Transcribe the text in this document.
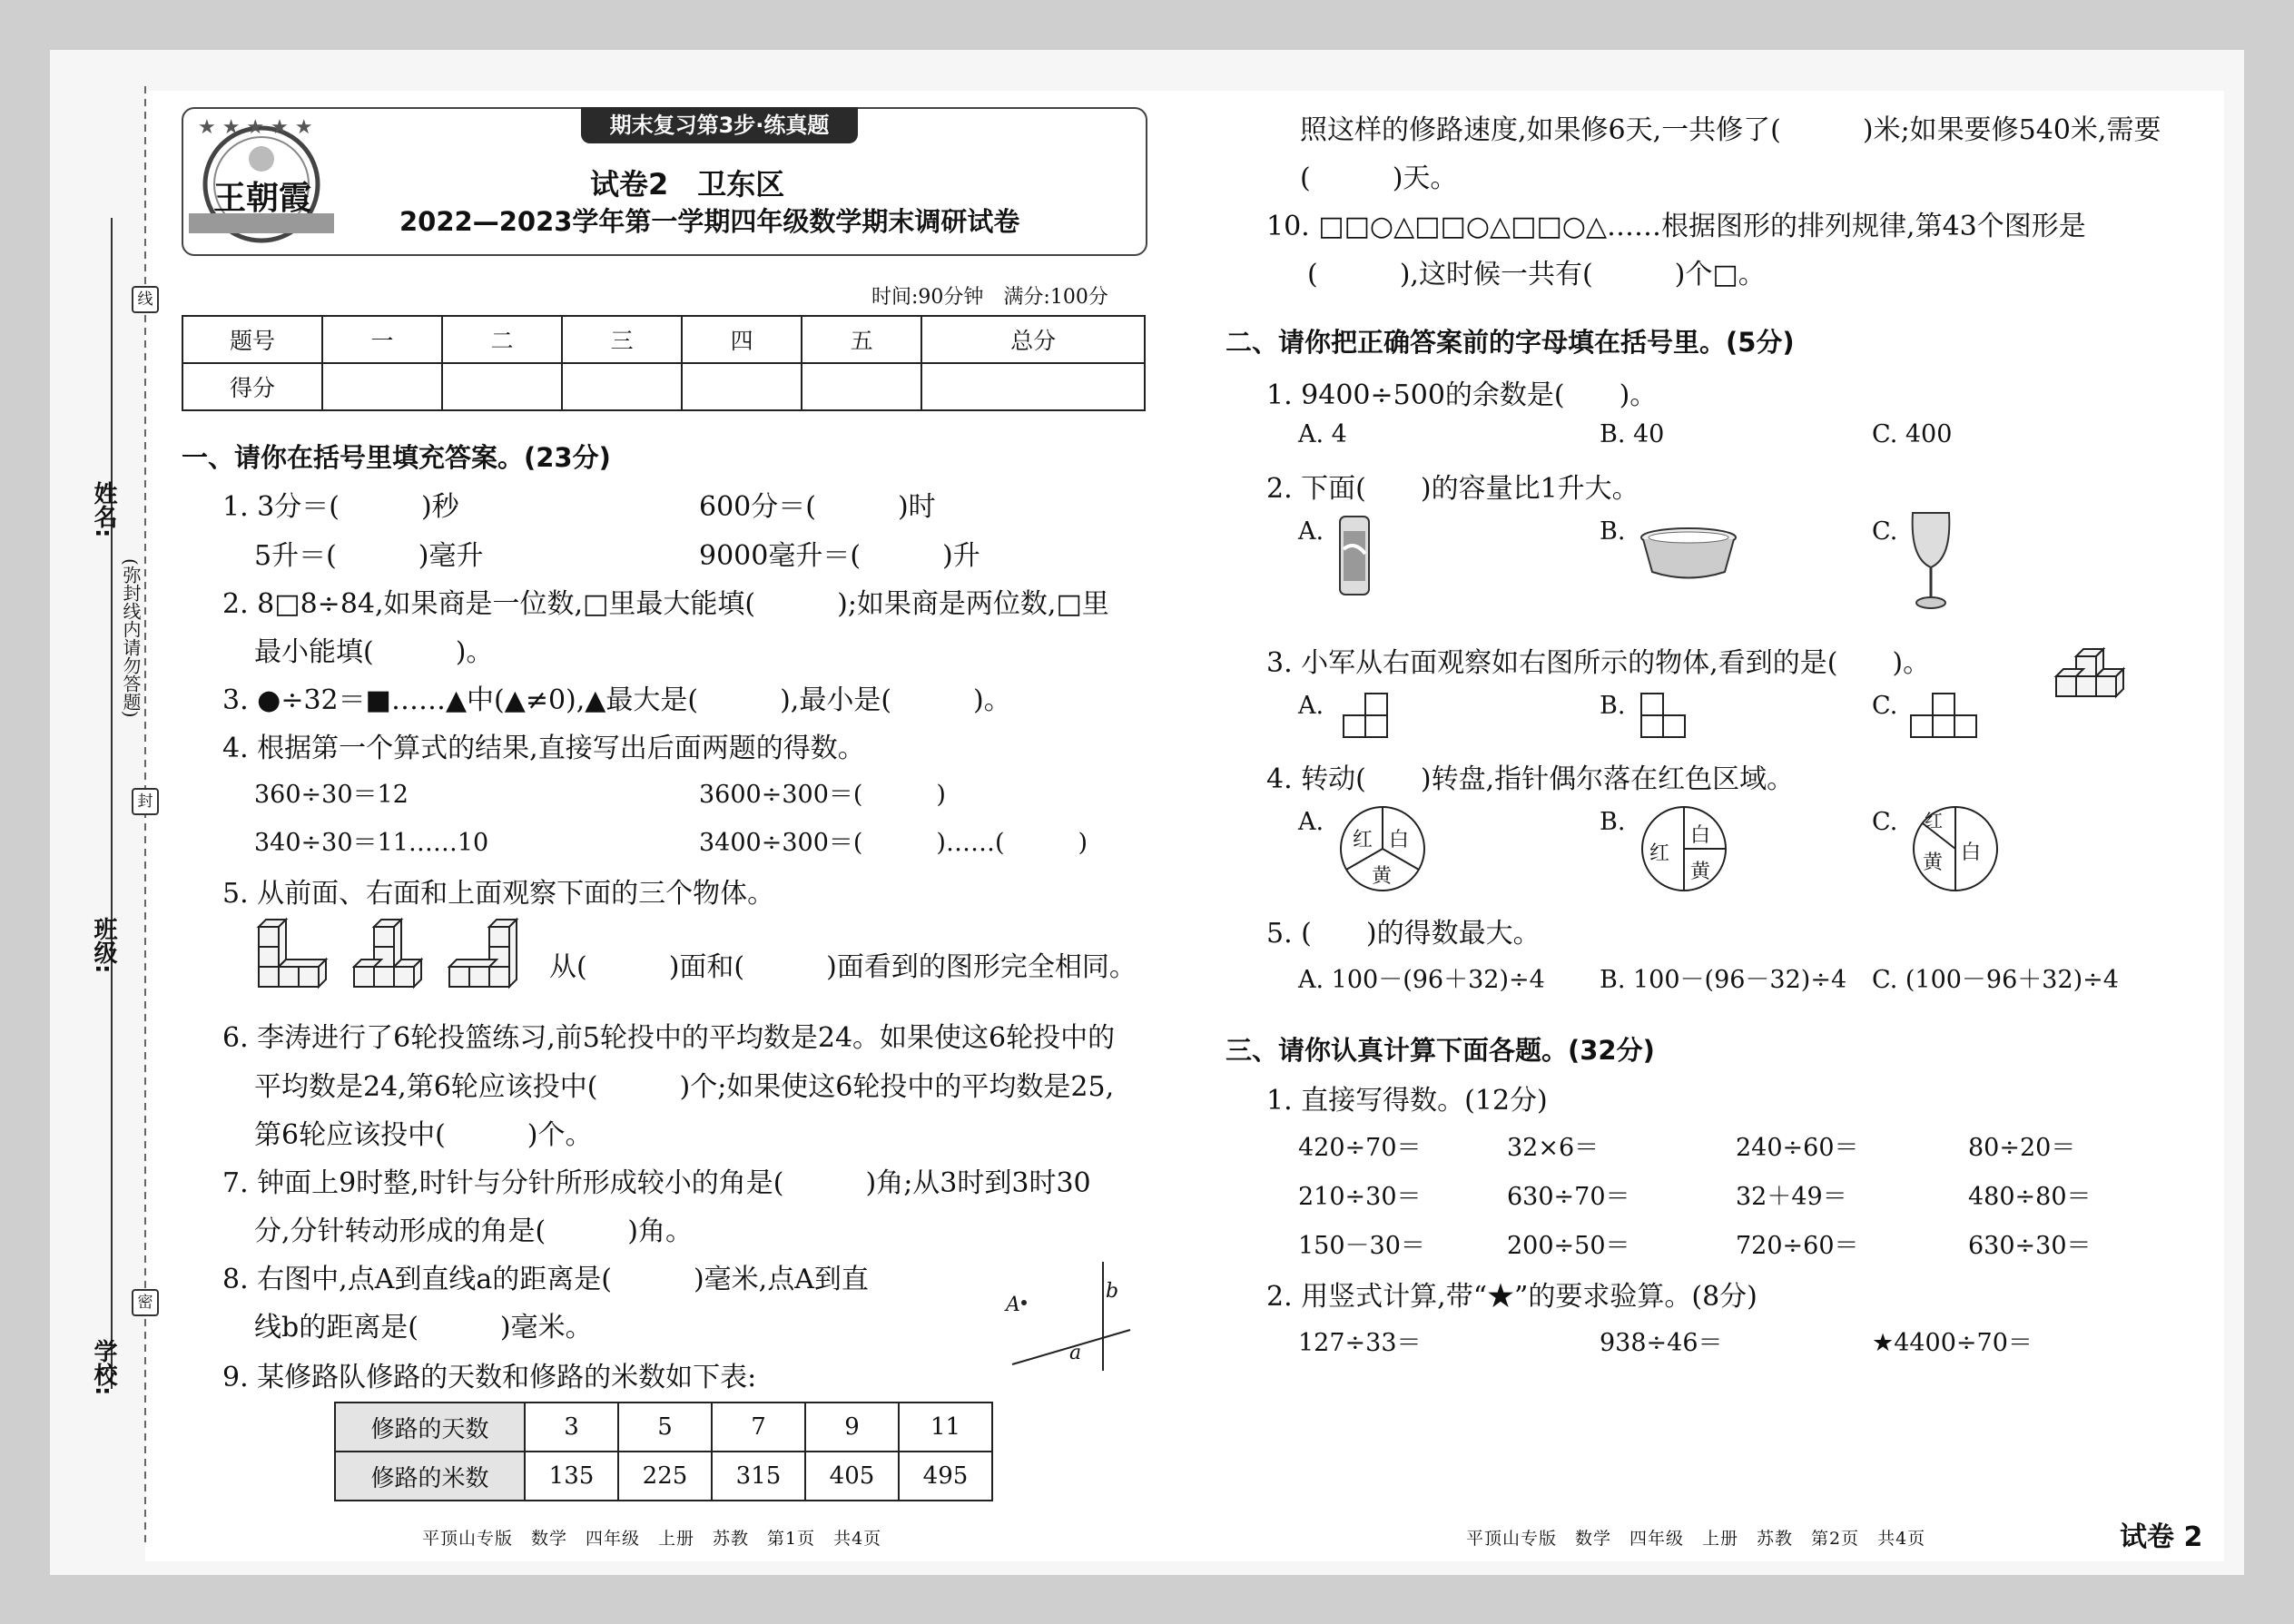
姓名:
班级:
学校:
(弥封线内请勿答题)
线
封
密
期末复习第3步·练真题
★ ★ ★ ★ ★
王朝霞	试卷2　卫东区
2022—2023学年第一学期四年级数学期末调研试卷
时间:90分钟　满分:100分
题号	一	二	三	四	五	总分
得分						
一、请你在括号里填充答案。(23分)
1. 3分＝(　　　)秒	600分＝(　　　)时
5升＝(　　　)毫升	9000毫升＝(　　　)升
2. 8□8÷84,如果商是一位数,□里最大能填(　　　);如果商是两位数,□里
最小能填(　　　)。
3. ●÷32＝■……▲中(▲≠0),▲最大是(　　　),最小是(　　　)。
4. 根据第一个算式的结果,直接写出后面两题的得数。
360÷30＝12	3600÷300＝(　　　)
340÷30＝11……10	3400÷300＝(　　　)……(　　　)
5. 从前面、右面和上面观察下面的三个物体。
从(　　　)面和(　　　)面看到的图形完全相同。
6. 李涛进行了6轮投篮练习,前5轮投中的平均数是24。如果使这6轮投中的
平均数是24,第6轮应该投中(　　　)个;如果使这6轮投中的平均数是25,
第6轮应该投中(　　　)个。
7. 钟面上9时整,时针与分针所形成较小的角是(　　　)角;从3时到3时30
分,分针转动形成的角是(　　　)角。
8. 右图中,点A到直线a的距离是(　　　)毫米,点A到直
线b的距离是(　　　)毫米。
A
b
a
9. 某修路队修路的天数和修路的米数如下表:
修路的天数	3	5	7	9	11
修路的米数	135	225	315	405	495
平顶山专版　数学　四年级　上册　苏教　第1页　共4页
照这样的修路速度,如果修6天,一共修了(　　　)米;如果要修540米,需要
(　　　)天。
10. □□○△□□○△□□○△……根据图形的排列规律,第43个图形是
(　　　),这时候一共有(　　　)个□。
二、请你把正确答案前的字母填在括号里。(5分)
1. 9400÷500的余数是(　　)。
A. 4	B. 40	C. 400
2. 下面(　　)的容量比1升大。
A.	B.	C.
3. 小军从右面观察如右图所示的物体,看到的是(　　)。
A.	B.	C.
4. 转动(　　)转盘,指针偶尔落在红色区域。
A.	B.	C.
红 白
黄
白
红
黄
红
白
黄
5. (　　)的得数最大。
A. 100－(96＋32)÷4 B. 100－(96－32)÷4 C. (100－96＋32)÷4
三、请你认真计算下面各题。(32分)
1. 直接写得数。(12分)
420÷70＝	32×6＝	240÷60＝	80÷20＝
210÷30＝	630÷70＝	32＋49＝	480÷80＝
150－30＝	200÷50＝	720÷60＝	630÷30＝
2. 用竖式计算,带“★”的要求验算。(8分)
127÷33＝	938÷46＝	★4400÷70＝
平顶山专版　数学　四年级　上册　苏教　第2页　共4页	试卷 2
